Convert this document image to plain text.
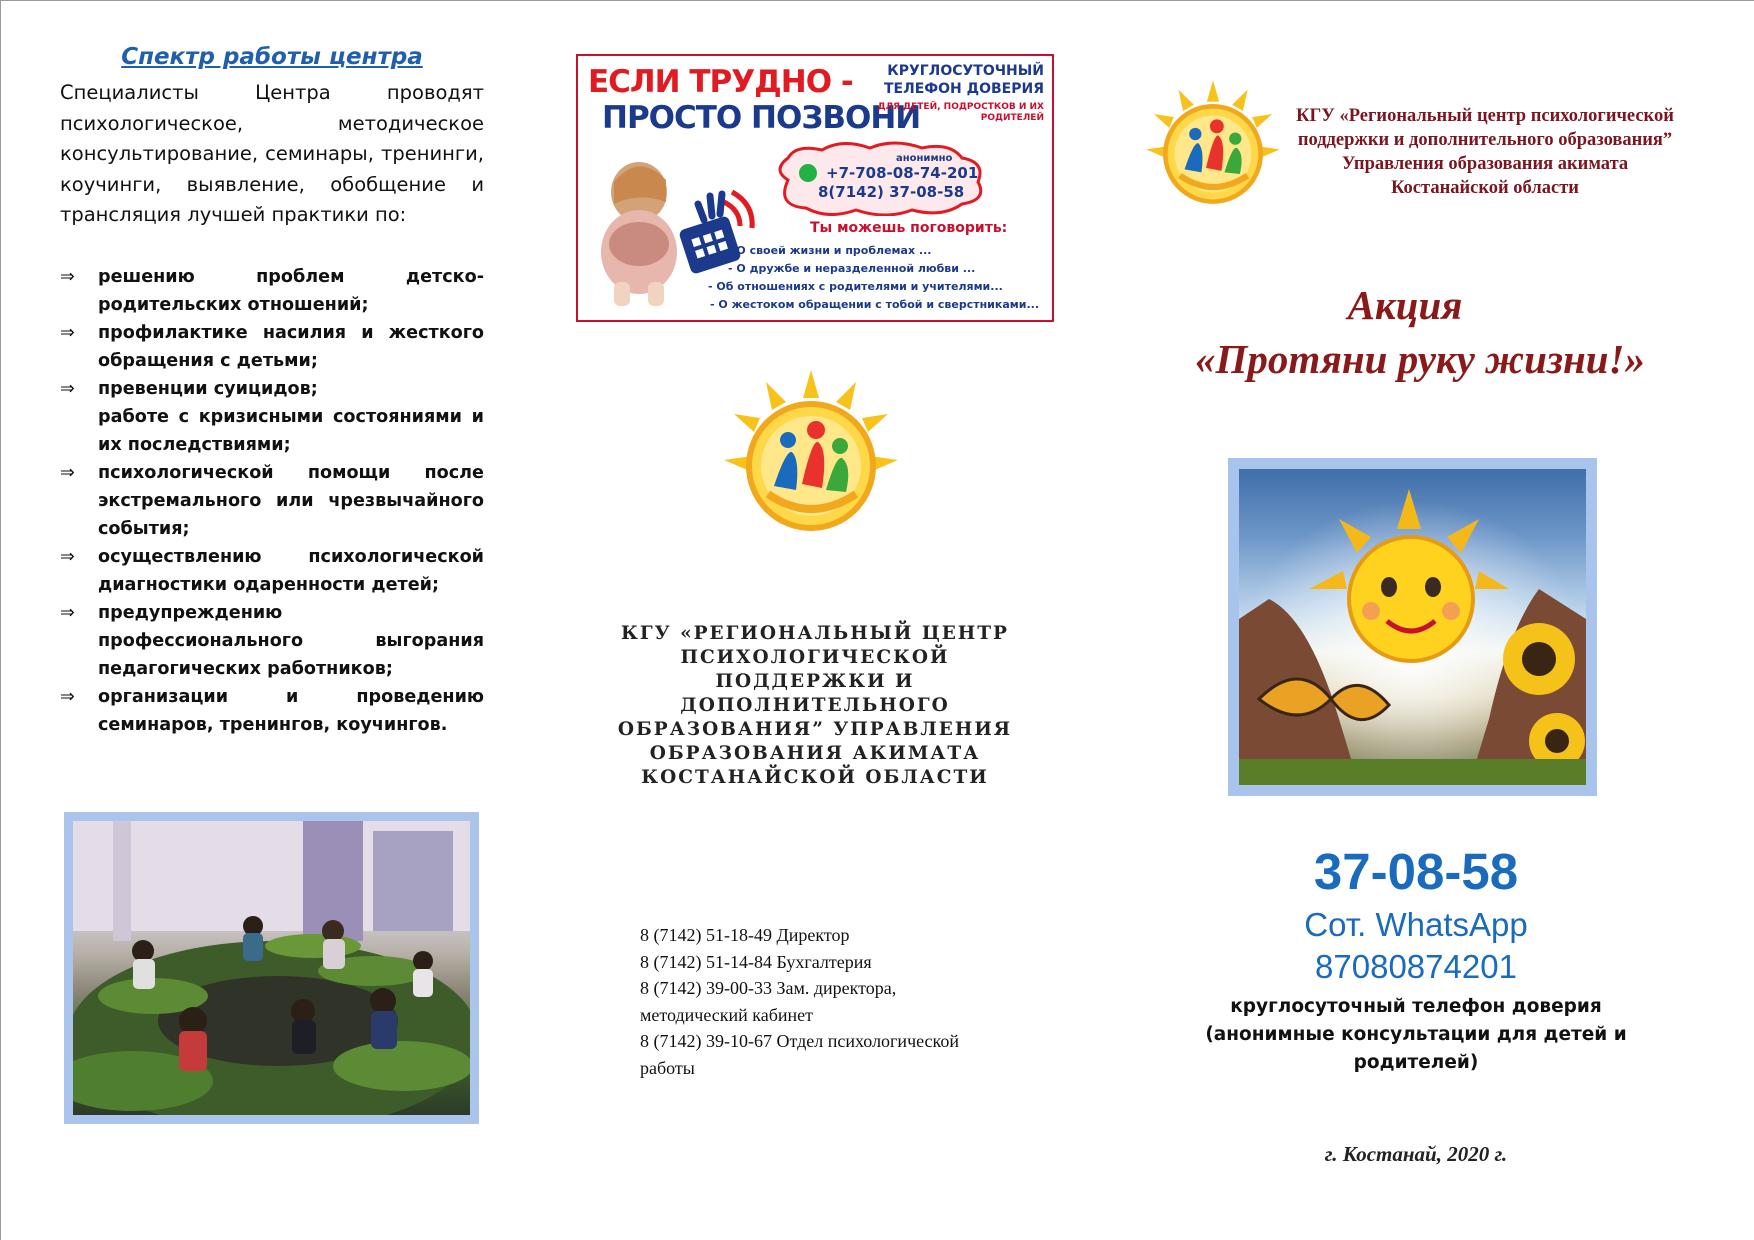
Спектр работы центра

Специалисты Центра проводят психологическое, методическое консультирование, семинары, тренинги, коучинги, выявление, обобщение и трансляция лучшей практики по:

⇒ решению проблем детско-родительских отношений;
⇒ профилактике насилия и жесткого обращения с детьми;
⇒ превенции суицидов;
работе с кризисными состояниями и их последствиями;
⇒ психологической помощи после экстремального или чрезвычайного события;
⇒ осуществлению психологической диагностики одаренности детей;
⇒ предупреждению профессионального выгорания педагогических работников;
⇒ организации и проведению семинаров, тренингов, коучингов.
ЕСЛИ ТРУДНО -
ПРОСТО ПОЗВОНИ
КРУГЛОСУТОЧНЫЙ ТЕЛЕФОН ДОВЕРИЯ
ДЛЯ ДЕТЕЙ, ПОДРОСТКОВ И ИХ РОДИТЕЛЕЙ
анонимно
+7-708-08-74-201
8(7142) 37-08-58
Ты можешь поговорить:
- О своей жизни и проблемах ...
- О дружбе и неразделенной любви ...
- Об отношениях с родителями и учителями...
- О жестоком обращении с тобой и сверстниками...
КГУ «РЕГИОНАЛЬНЫЙ ЦЕНТР ПСИХОЛОГИЧЕСКОЙ ПОДДЕРЖКИ И ДОПОЛНИТЕЛЬНОГО ОБРАЗОВАНИЯ” УПРАВЛЕНИЯ ОБРАЗОВАНИЯ АКИМАТА КОСТАНАЙСКОЙ ОБЛАСТИ
8 (7142) 51-18-49 Директор
8 (7142) 51-14-84 Бухгалтерия
8 (7142) 39-00-33 Зам. директора, методический кабинет
8 (7142) 39-10-67 Отдел психологической работы
КГУ «Региональный центр психологической поддержки и дополнительного образования” Управления образования акимата Костанайской области
Акция
«Протяни руку жизни!»
37-08-58
Сот. WhatsApp
87080874201
круглосуточный телефон доверия (анонимные консультации для детей и родителей)
г. Костанай, 2020 г.
